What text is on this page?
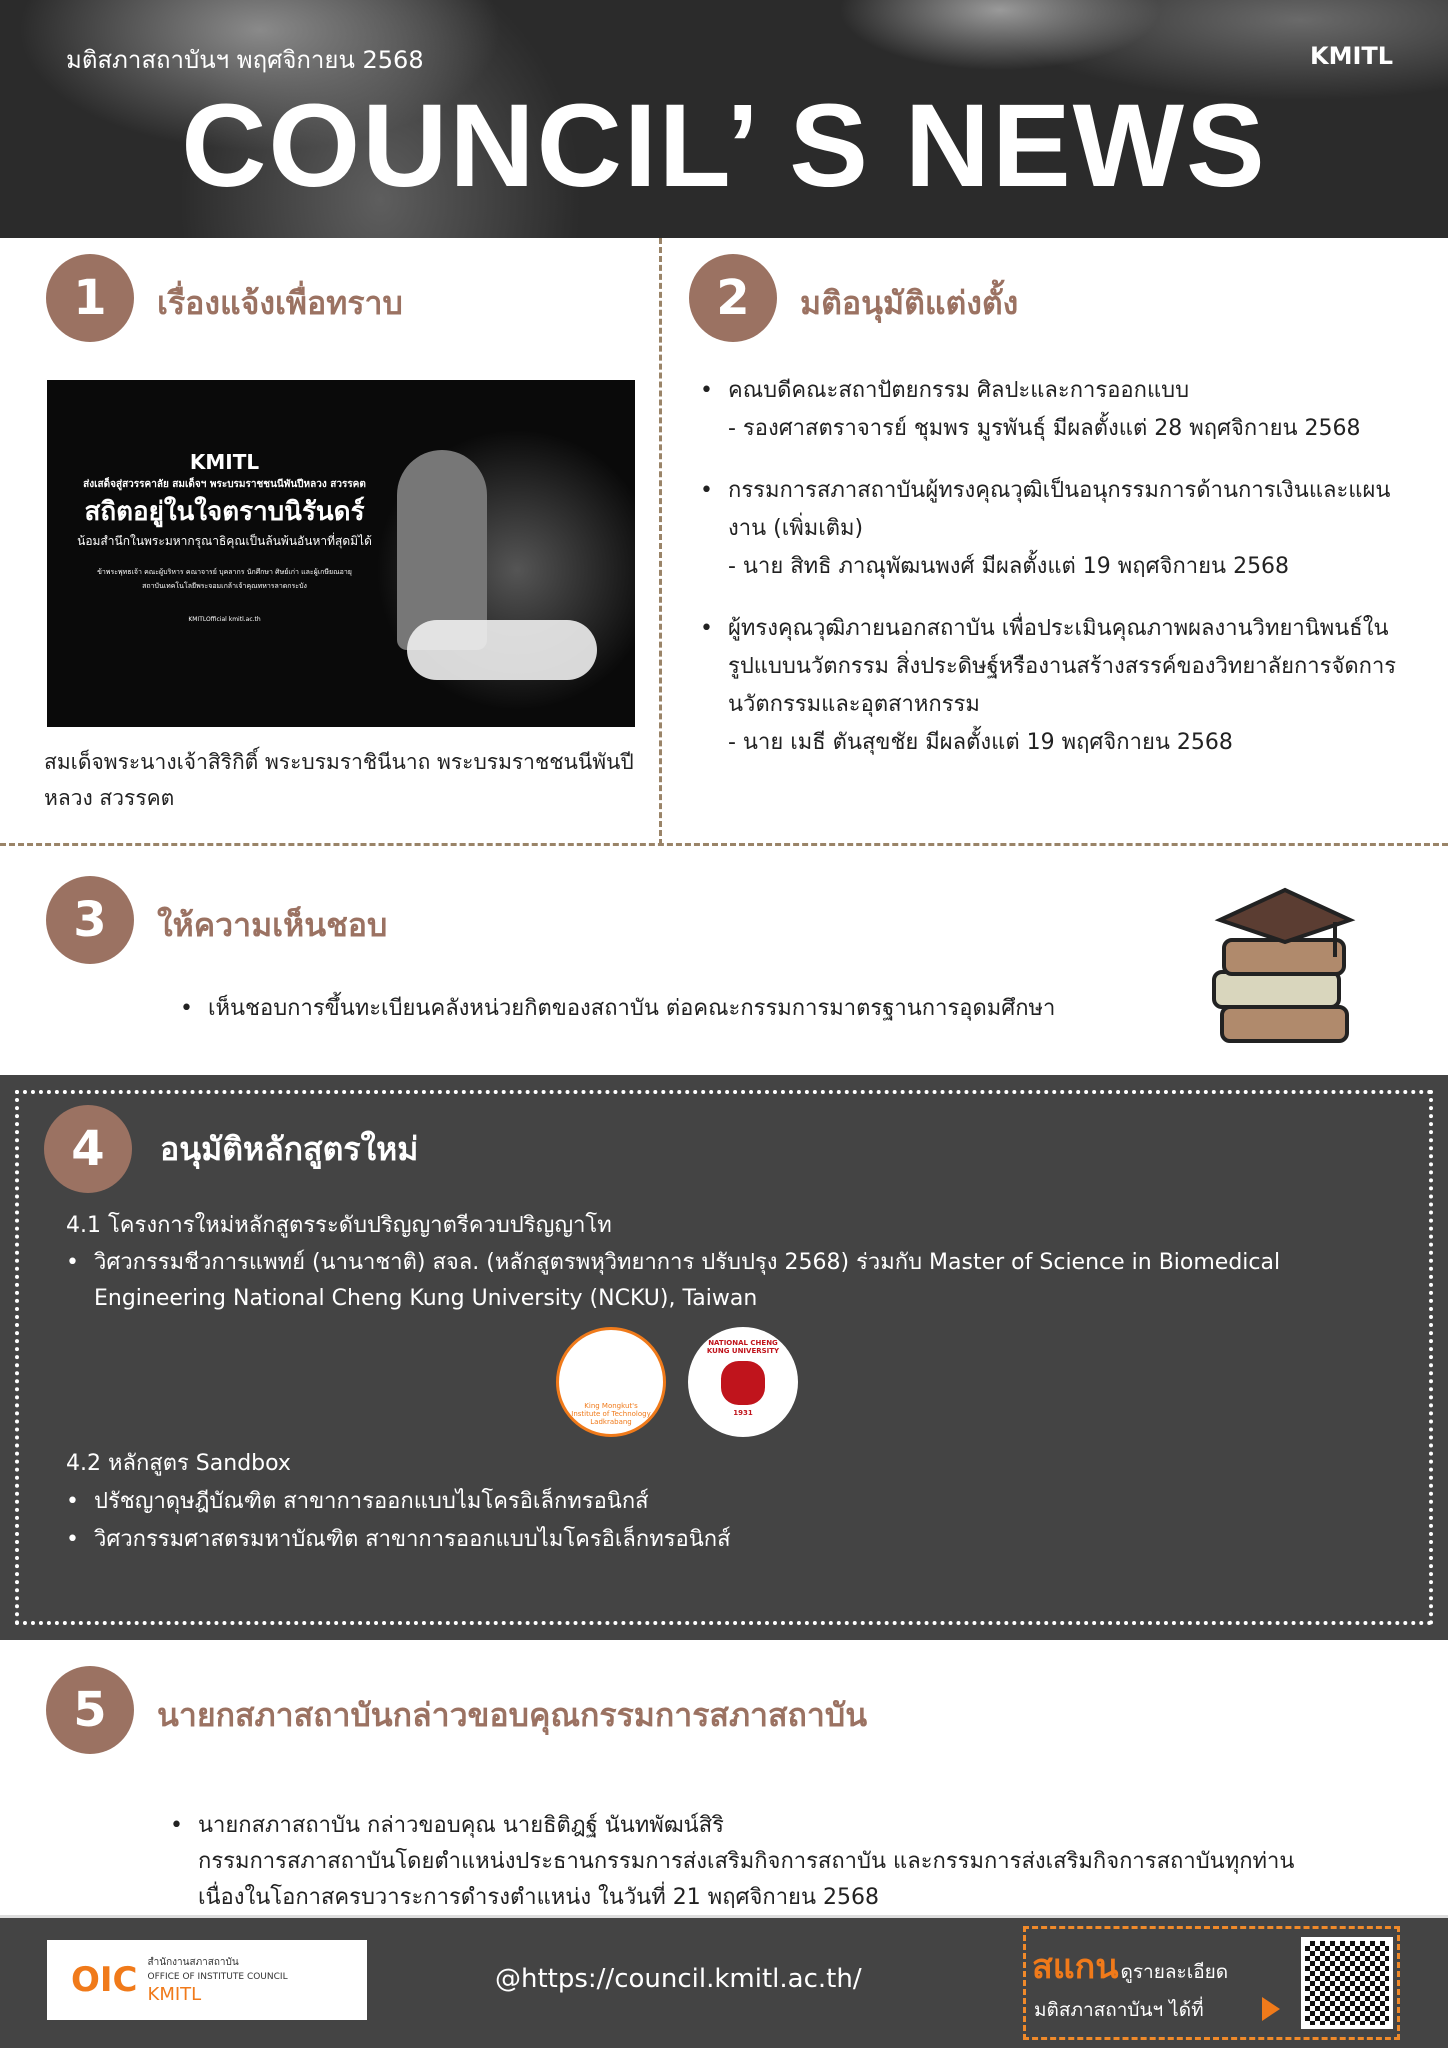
มติสภาสถาบันฯ พฤศจิกายน 2568	KMITL
COUNCIL’ S NEWS
1	เรื่องแจ้งเพื่อทราบ
KMITL
ส่งเสด็จสู่สวรรคาลัย สมเด็จฯ พระบรมราชชนนีพันปีหลวง สวรรคต
สถิตอยู่ในใจตราบนิรันดร์
น้อมสำนึกในพระมหากรุณาธิคุณเป็นล้นพ้นอันหาที่สุดมิได้
ข้าพระพุทธเจ้า คณะผู้บริหาร คณาจารย์ บุคลากร นักศึกษา ศิษย์เก่า และผู้เกษียณอายุ
สถาบันเทคโนโลยีพระจอมเกล้าเจ้าคุณทหารลาดกระบัง
KMITLOfficial kmitl.ac.th
สมเด็จพระนางเจ้าสิริกิติ์ พระบรมราชินีนาถ พระบรมราชชนนีพันปีหลวง สวรรคต
2	มติอนุมัติแต่งตั้ง
• คณบดีคณะสถาปัตยกรรม ศิลปะและการออกแบบ
- รองศาสตราจารย์ ชุมพร มูรพันธุ์ มีผลตั้งแต่ 28 พฤศจิกายน 2568
• กรรมการสภาสถาบันผู้ทรงคุณวุฒิเป็นอนุกรรมการด้านการเงินและแผนงาน (เพิ่มเติม)
- นาย สิทธิ ภาณุพัฒนพงศ์ มีผลตั้งแต่ 19 พฤศจิกายน 2568
• ผู้ทรงคุณวุฒิภายนอกสถาบัน เพื่อประเมินคุณภาพผลงานวิทยานิพนธ์ในรูปแบบนวัตกรรม สิ่งประดิษฐ์หรืองานสร้างสรรค์ของวิทยาลัยการจัดการนวัตกรรมและอุตสาหกรรม
- นาย เมธี ตันสุขชัย มีผลตั้งแต่ 19 พฤศจิกายน 2568
3	ให้ความเห็นชอบ
• เห็นชอบการขึ้นทะเบียนคลังหน่วยกิตของสถาบัน ต่อคณะกรรมการมาตรฐานการอุดมศึกษา
4	อนุมัติหลักสูตรใหม่
4.1 โครงการใหม่หลักสูตรระดับปริญญาตรีควบปริญญาโท
• วิศวกรรมชีวการแพทย์ (นานาชาติ) สจล. (หลักสูตรพหุวิทยาการ ปรับปรุง 2568) ร่วมกับ Master of Science in Biomedical Engineering National Cheng Kung University (NCKU), Taiwan
King Mongkut's Institute of Technology Ladkrabang
NATIONAL CHENG KUNG UNIVERSITY
1931
4.2 หลักสูตร Sandbox
• ปรัชญาดุษฎีบัณฑิต สาขาการออกแบบไมโครอิเล็กทรอนิกส์
• วิศวกรรมศาสตรมหาบัณฑิต สาขาการออกแบบไมโครอิเล็กทรอนิกส์
5	นายกสภาสถาบันกล่าวขอบคุณกรรมการสภาสถาบัน
• นายกสภาสถาบัน กล่าวขอบคุณ นายธิติฎฐ์ นันทพัฒน์สิริ
กรรมการสภาสถาบันโดยตำแหน่งประธานกรรมการส่งเสริมกิจการสถาบัน และกรรมการส่งเสริมกิจการสถาบันทุกท่าน
เนื่องในโอกาสครบวาระการดำรงตำแหน่ง ในวันที่ 21 พฤศจิกายน 2568
OIC สำนักงานสภาสถาบัน
OFFICE OF INSTITUTE COUNCIL
KMITL
@https://council.kmitl.ac.th/	สแกน ดูรายละเอียด
มติสภาสถาบันฯ ได้ที่
